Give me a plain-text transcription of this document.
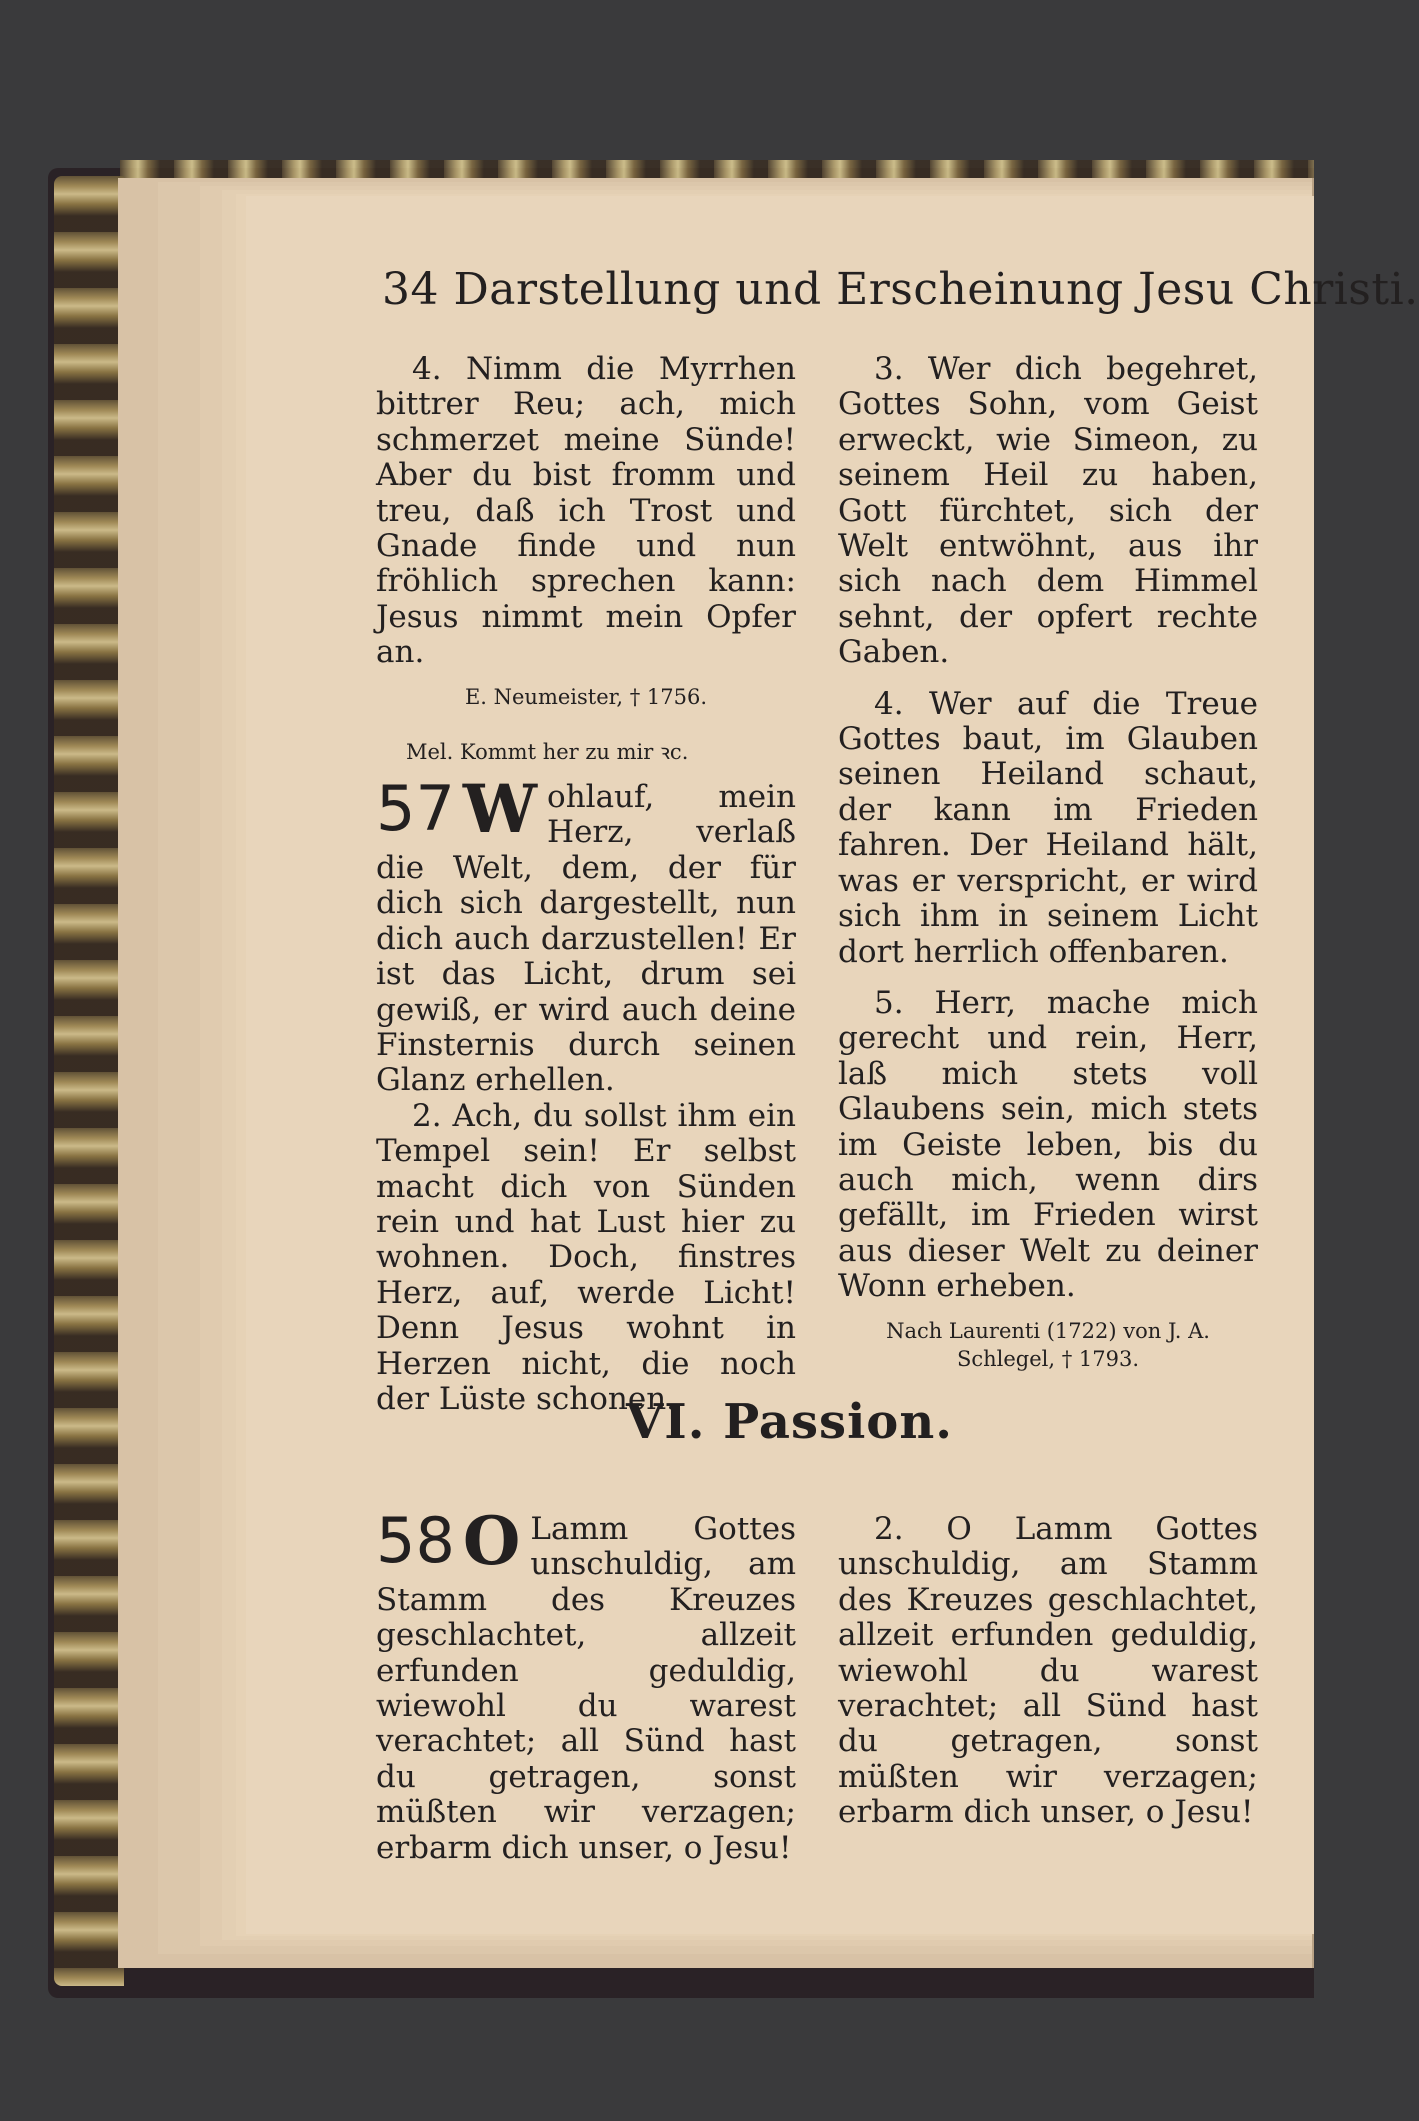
34 Darstellung und Erscheinung Jesu Christi.

4. Nimm die Myrrhen bittrer Reu; ach, mich schmerzet meine Sünde! Aber du bist fromm und treu, daß ich Trost und Gnade finde und nun fröhlich sprechen kann: Jesus nimmt mein Opfer an.

E. Neumeister, † 1756.
Mel. Kommt her zu mir ꝛc.

57 W ohlauf, mein Herz, verlaß die Welt, dem, der für dich sich dargestellt, nun dich auch darzustellen! Er ist das Licht, drum sei gewiß, er wird auch deine Finsternis durch seinen Glanz erhellen.

2. Ach, du sollst ihm ein Tempel sein! Er selbst macht dich von Sünden rein und hat Lust hier zu wohnen. Doch, finstres Herz, auf, werde Licht! Denn Jesus wohnt in Herzen nicht, die noch der Lüste schonen.

3. Wer dich begehret, Gottes Sohn, vom Geist erweckt, wie Simeon, zu seinem Heil zu haben, Gott fürchtet, sich der Welt entwöhnt, aus ihr sich nach dem Himmel sehnt, der opfert rechte Gaben.

4. Wer auf die Treue Gottes baut, im Glauben seinen Heiland schaut, der kann im Frieden fahren. Der Heiland hält, was er verspricht, er wird sich ihm in seinem Licht dort herrlich offenbaren.

5. Herr, mache mich gerecht und rein, Herr, laß mich stets voll Glaubens sein, mich stets im Geiste leben, bis du auch mich, wenn dirs gefällt, im Frieden wirst aus dieser Welt zu deiner Wonn erheben.

Nach Laurenti (1722) von J. A. Schlegel, † 1793.
VI. Passion.

58 O Lamm Gottes unschuldig, am Stamm des Kreuzes geschlachtet, allzeit erfunden geduldig, wiewohl du warest verachtet; all Sünd hast du getragen, sonst müßten wir verzagen; erbarm dich unser, o Jesu!

2. O Lamm Gottes unschuldig, am Stamm des Kreuzes geschlachtet, allzeit erfunden geduldig, wiewohl du warest verachtet; all Sünd hast du getragen, sonst müßten wir verzagen; erbarm dich unser, o Jesu!
